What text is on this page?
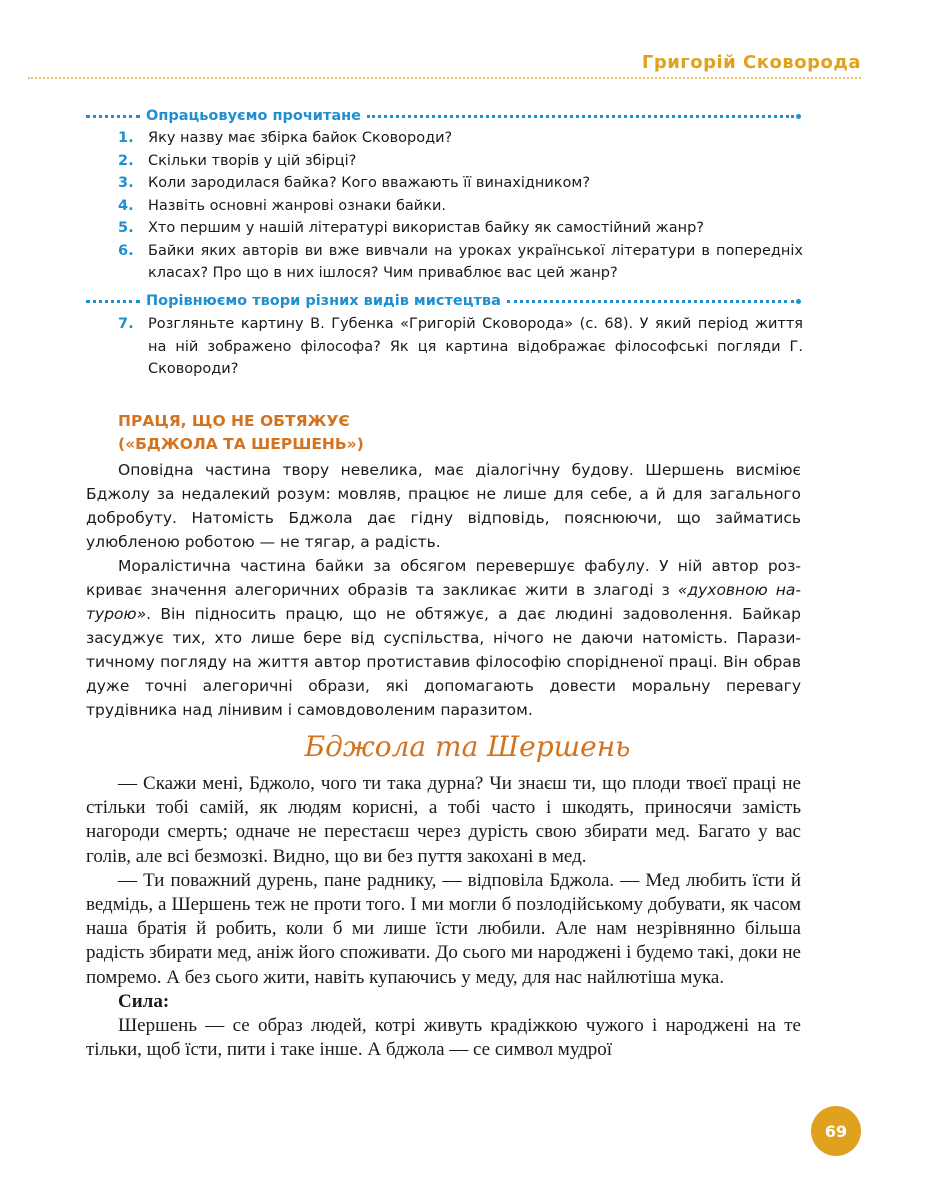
Григорій Сковорода
Опрацьовуємо прочитане
1. Яку назву має збірка байок Сковороди?
2. Скільки творів у цій збірці?
3. Коли зародилася байка? Кого вважають її винахідником?
4. Назвіть основні жанрові ознаки байки.
5. Хто першим у нашій літературі використав байку як самостійний жанр?
6. Байки яких авторів ви вже вивчали на уроках української літератури в попередніх класах? Про що в них ішлося? Чим приваблює вас цей жанр?
Порівнюємо твори різних видів мистецтва
7. Розгляньте картину В. Губенка «Григорій Сковорода» (с. 68). У який період життя на ній зображено філософа? Як ця картина відображає філософські погляди Г. Сковороди?
ПРАЦЯ, ЩО НЕ ОБТЯЖУЄ
(«БДЖОЛА ТА ШЕРШЕНЬ»)

Оповідна частина твору невелика, має діалогічну будову. Шершень висміює Бджолу за недалекий розум: мовляв, працює не лише для себе, а й для загального добробуту. Натомість Бджола дає гідну відповідь, пояснюючи, що займатись улюбленою роботою — не тягар, а радість.

Моралістична частина байки за обсягом перевершує фабулу. У ній автор розкриває значення алегоричних образів та закликає жити в злагоді з «духовною натурою». Він підносить працю, що не обтяжує, а дає людині задоволення. Байкар засуджує тих, хто лише бере від суспільства, нічого не даючи натомість. Паразитичному погляду на життя автор протиставив філософію спорідненої праці. Він обрав дуже точні алегоричні образи, які допомагають довести моральну перевагу трудівника над лінивим і самовдоволеним паразитом.

Бджола та Шершень

— Скажи мені, Бджоло, чого ти така дурна? Чи знаєш ти, що плоди твоєї праці не стільки тобі самій, як людям корисні, а тобі часто і шкодять, приносячи замість нагороди смерть; одначе не перестаєш через дурість свою збирати мед. Багато у вас голів, але всі безмозкі. Видно, що ви без пуття закохані в мед.

— Ти поважний дурень, пане раднику, — відповіла Бджола. — Мед любить їсти й ведмідь, а Шершень теж не проти того. І ми могли б позлодійському добувати, як часом наша братія й робить, коли б ми лише їсти любили. Але нам незрівнянно більша радість збирати мед, аніж його споживати. До сього ми народжені і будемо такі, доки не помремо. А без сього жити, навіть купаючись у меду, для нас найлютіша мука.

Сила:

Шершень — се образ людей, котрі живуть крадіжкою чужого і народжені на те тільки, щоб їсти, пити і таке інше. А бджола — се символ мудрої

69
